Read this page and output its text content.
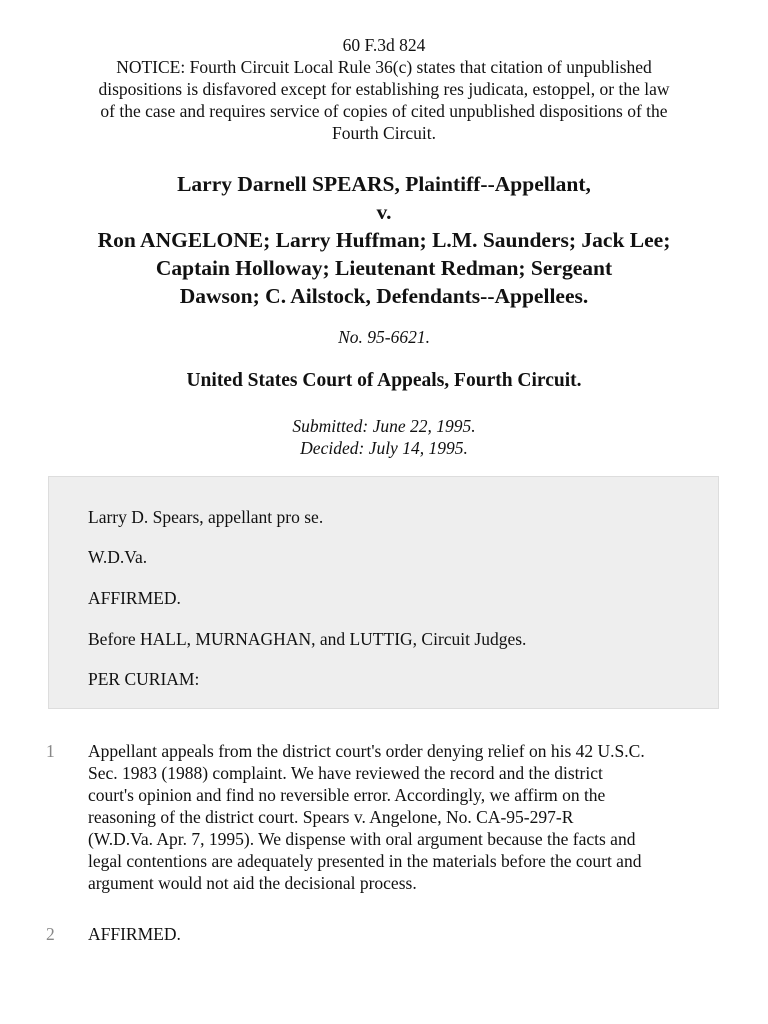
60 F.3d 824
NOTICE: Fourth Circuit Local Rule 36(c) states that citation of unpublished
dispositions is disfavored except for establishing res judicata, estoppel, or the law
of the case and requires service of copies of cited unpublished dispositions of the
Fourth Circuit.
Larry Darnell SPEARS, Plaintiff--Appellant,
v.
Ron ANGELONE; Larry Huffman; L.M. Saunders; Jack Lee;
Captain Holloway; Lieutenant Redman; Sergeant
Dawson; C. Ailstock, Defendants--Appellees.
No. 95-6621.
United States Court of Appeals, Fourth Circuit.
Submitted: June 22, 1995.
Decided: July 14, 1995.
Larry D. Spears, appellant pro se.
W.D.Va.
AFFIRMED.
Before HALL, MURNAGHAN, and LUTTIG, Circuit Judges.
PER CURIAM:
1 Appellant appeals from the district court's order denying relief on his 42 U.S.C.
Sec. 1983 (1988) complaint. We have reviewed the record and the district
court's opinion and find no reversible error. Accordingly, we affirm on the
reasoning of the district court. Spears v. Angelone, No. CA-95-297-R
(W.D.Va. Apr. 7, 1995). We dispense with oral argument because the facts and
legal contentions are adequately presented in the materials before the court and
argument would not aid the decisional process.
2 AFFIRMED.
